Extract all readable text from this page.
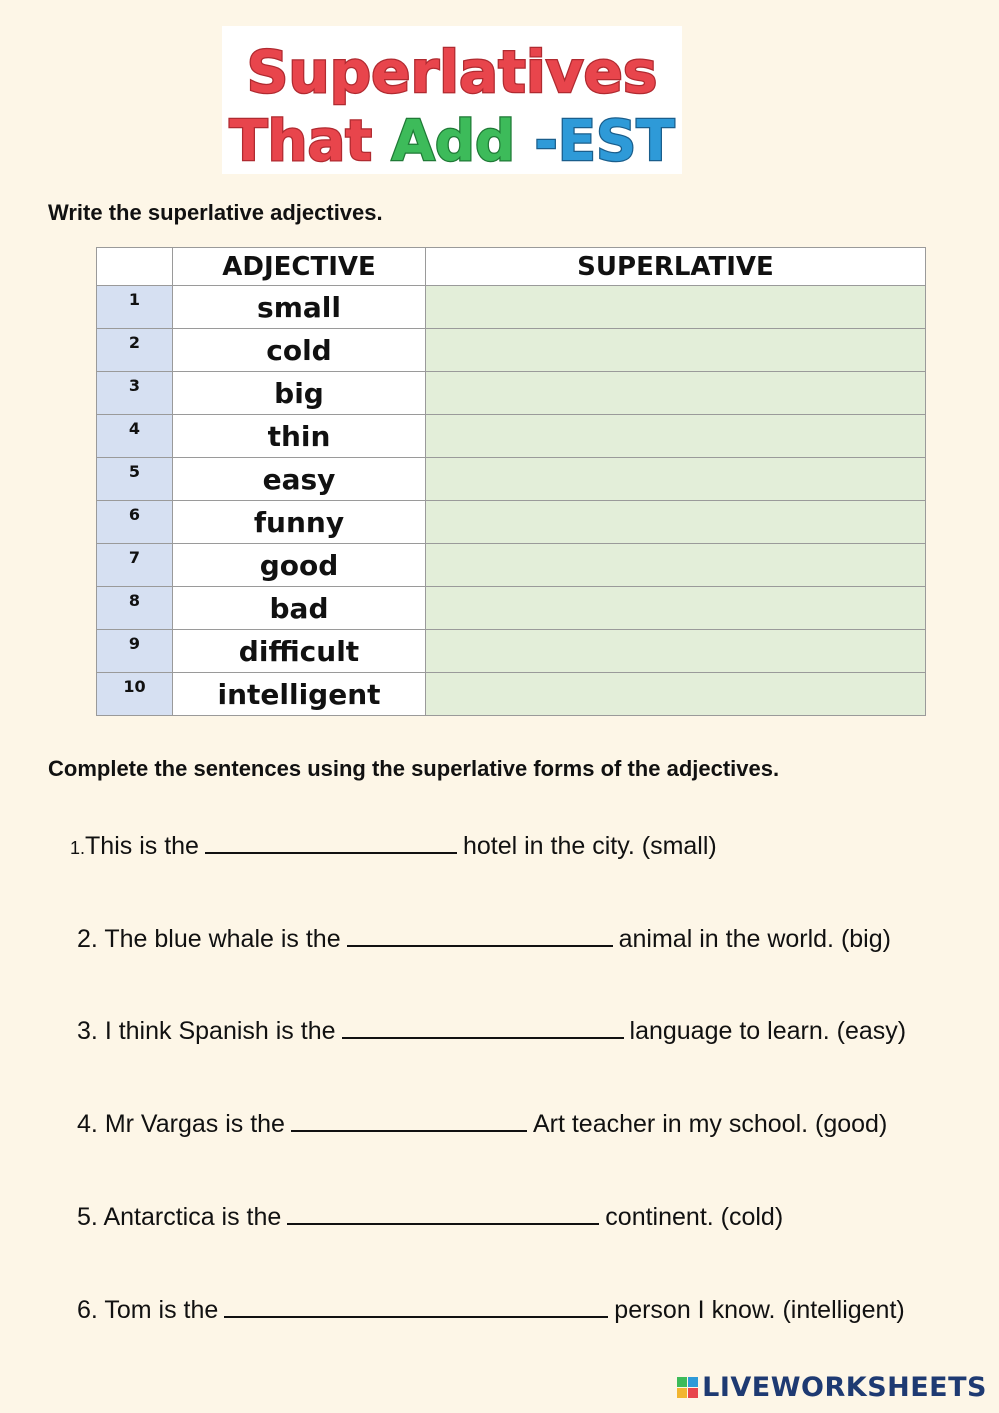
Superlatives
That Add -EST
Write the superlative adjectives.
	ADJECTIVE	SUPERLATIVE
1	small	
2	cold	
3	big	
4	thin	
5	easy	
6	funny	
7	good	
8	bad	
9	difficult	
10	intelligent	
Complete the sentences using the superlative forms of the adjectives.
1.This is the	hotel in the city. (small)
2. The blue whale is the	animal in the world. (big)
3. I think Spanish is the	language to learn. (easy)
4. Mr Vargas is the	Art teacher in my school. (good)
5. Antarctica is the	continent. (cold)
6. Tom is the	person I know. (intelligent)
LIVEWORKSHEETS
